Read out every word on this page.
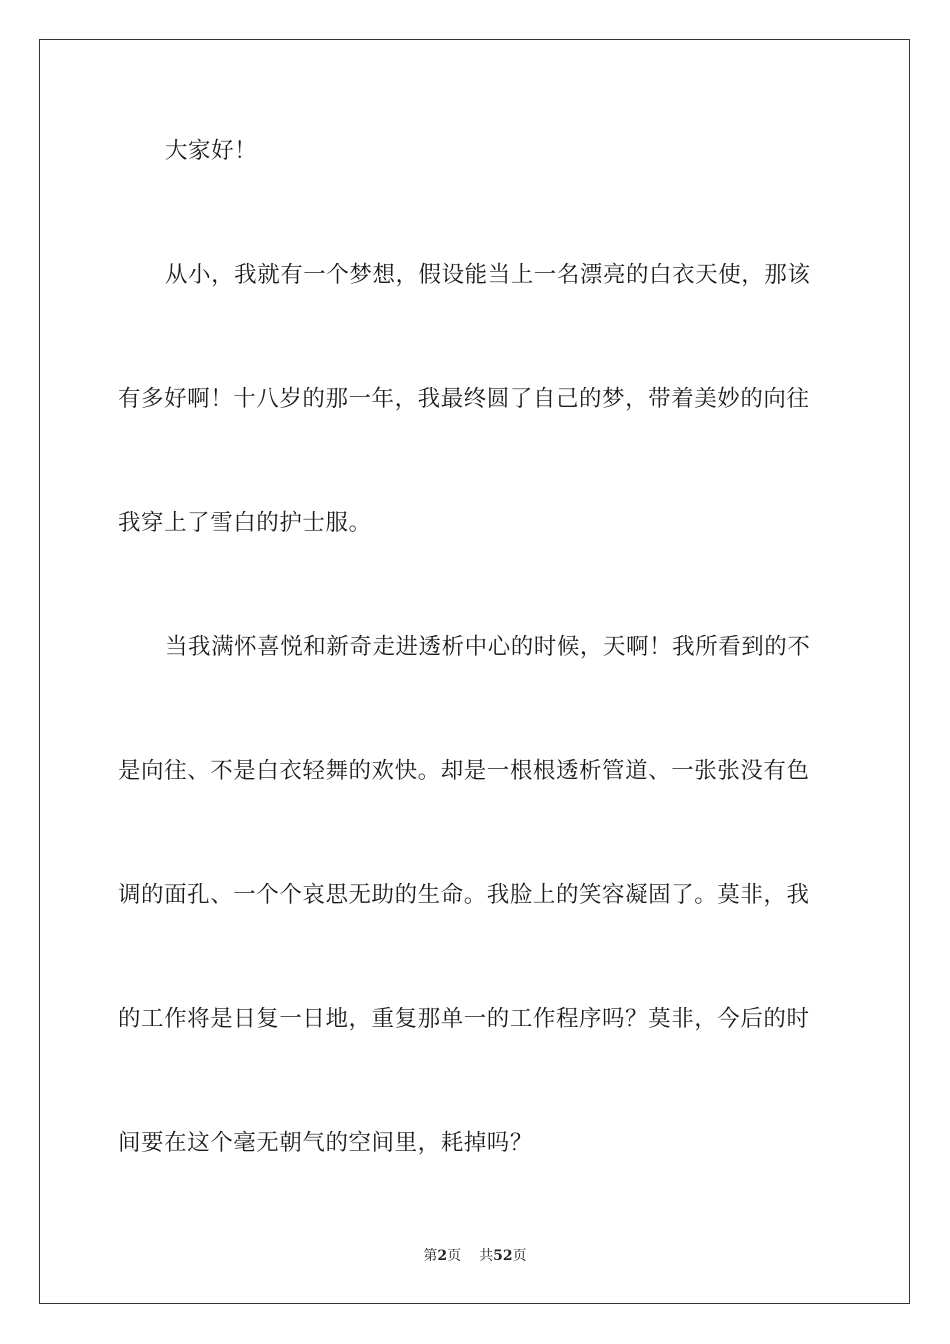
大家好！
从小，我就有一个梦想，假设能当上一名漂亮的白衣天使，那该
有多好啊！十八岁的那一年，我最终圆了自己的梦，带着美妙的向往
我穿上了雪白的护士服。
当我满怀喜悦和新奇走进透析中心的时候，天啊！我所看到的不
是向往、不是白衣轻舞的欢快。却是一根根透析管道、一张张没有色
调的面孔、一个个哀思无助的生命。我脸上的笑容凝固了。莫非，我
的工作将是日复一日地，重复那单一的工作程序吗？莫非，今后的时
间要在这个毫无朝气的空间里，耗掉吗？
第2页 共52页
